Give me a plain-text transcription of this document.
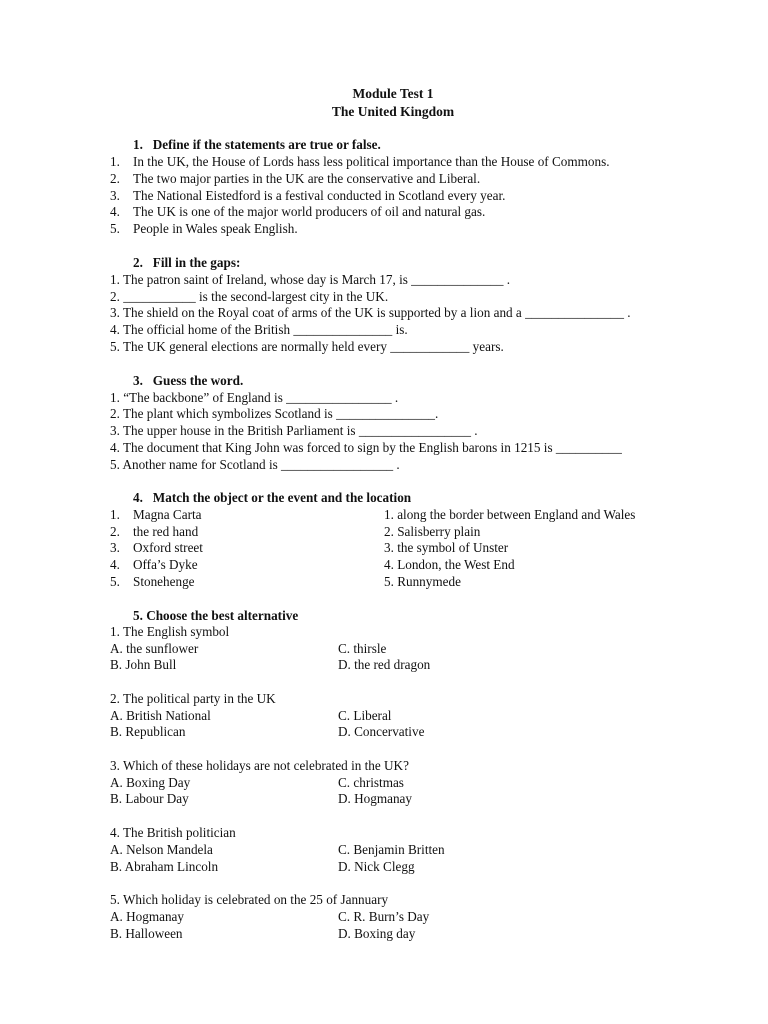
Module Test 1
The United Kingdom
1.   Define if the statements are true or false.
1. In the UK, the House of Lords hass less political importance than the House of Commons.
2. The two major parties in the UK are the conservative and Liberal.
3. The National Eistedford is a festival conducted in Scotland every year.
4. The UK is one of the major world producers of oil and natural gas.
5. People in Wales speak English.
2.   Fill in the gaps:
1. The patron saint of Ireland, whose day is March 17, is ______________ .
2. ___________ is the second-largest city in the UK.
3. The shield on the Royal coat of arms of the UK is supported by a lion and a _______________ .
4. The official home of the British _______________ is.
5. The UK general elections are normally held every ____________ years.
3.   Guess the word.
1. “The backbone” of England is ________________ .
2. The plant which symbolizes Scotland is _______________.
3. The upper house in the British Parliament is _________________ .
4. The document that King John was forced to sign by the English barons in 1215 is __________
5. Another name for Scotland is _________________ .
4.   Match the object or the event and the location
1. Magna Carta
2. the red hand
3. Oxford street
4. Offa’s Dyke
5. Stonehenge
1. along the border between England and Wales
2. Salisberry plain
3. the symbol of Unster
4. London, the West End
5. Runnymede
5. Choose the best alternative
1. The English symbol
A. the sunflower
B. John Bull
C. thirsle
D. the red dragon
2. The political party in the UK
A. British National
B. Republican
C. Liberal
D. Concervative
3. Which of these holidays are not celebrated in the UK?
A. Boxing Day
B. Labour Day
C. christmas
D. Hogmanay
4. The British politician
A. Nelson Mandela
B. Abraham Lincoln
C. Benjamin Britten
D. Nick Clegg
5. Which holiday is celebrated on the 25 of Jannuary
A. Hogmanay
B. Halloween
C. R. Burn’s Day
D. Boxing day
